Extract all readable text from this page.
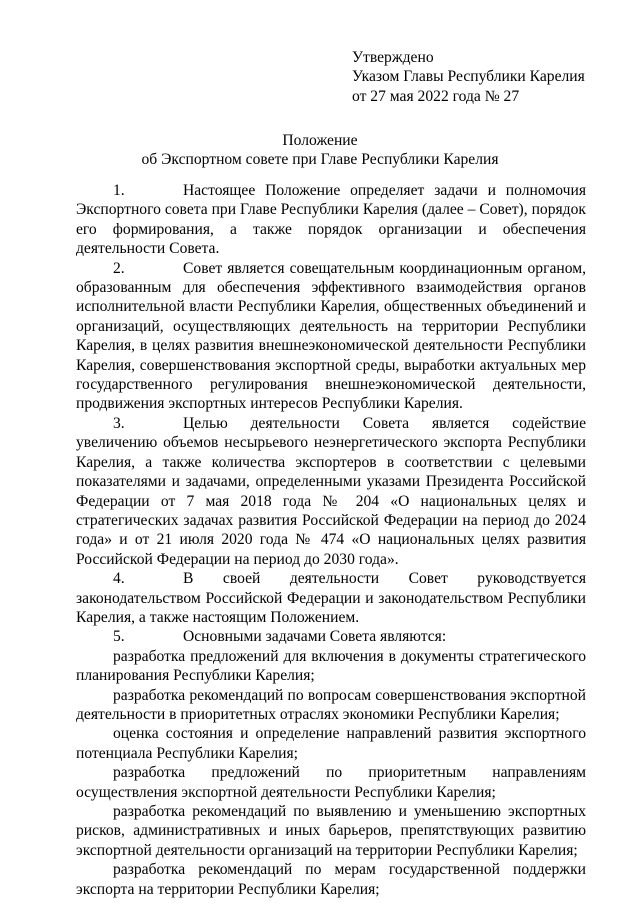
Утверждено
Указом Главы Республики Карелия
от 27 мая 2022 года № 27
Положение
об Экспортном совете при Главе Республики Карелия

1.	Настоящее Положение определяет задачи и полномочия Экспортного совета при Главе Республики Карелия (далее – Совет), порядок его формирования, а также порядок организации и обеспечения деятельности Совета.

2.	Совет является совещательным координационным органом, образованным для обеспечения эффективного взаимодействия органов исполнительной власти Республики Карелия, общественных объединений и организаций, осуществляющих деятельность на территории Республики Карелия, в целях развития внешнеэкономической деятельности Республики Карелия, совершенствования экспортной среды, выработки актуальных мер государственного регулирования внешнеэкономической деятельности, продвижения экспортных интересов Республики Карелия.

3.	Целью деятельности Совета является содействие увеличению объемов несырьевого неэнергетического экспорта Республики Карелия, а также количества экспортеров в соответствии с целевыми показателями и задачами, определенными указами Президента Российской Федерации от 7 мая 2018 года № 204 «О национальных целях и стратегических задачах развития Российской Федерации на период до 2024 года» и от 21 июля 2020 года № 474 «О национальных целях развития Российской Федерации на период до 2030 года».

4.	В своей деятельности Совет руководствуется законодательством Российской Федерации и законодательством Республики Карелия, а также настоящим Положением.

5.	Основными задачами Совета являются:

разработка предложений для включения в документы стратегического планирования Республики Карелия;

разработка рекомендаций по вопросам совершенствования экспортной деятельности в приоритетных отраслях экономики Республики Карелия;

оценка состояния и определение направлений развития экспортного потенциала Республики Карелия;

разработка предложений по приоритетным направлениям осуществления экспортной деятельности Республики Карелия;

разработка рекомендаций по выявлению и уменьшению экспортных рисков, административных и иных барьеров, препятствующих развитию экспортной деятельности организаций на территории Республики Карелия;

разработка рекомендаций по мерам государственной поддержки экспорта на территории Республики Карелия;
